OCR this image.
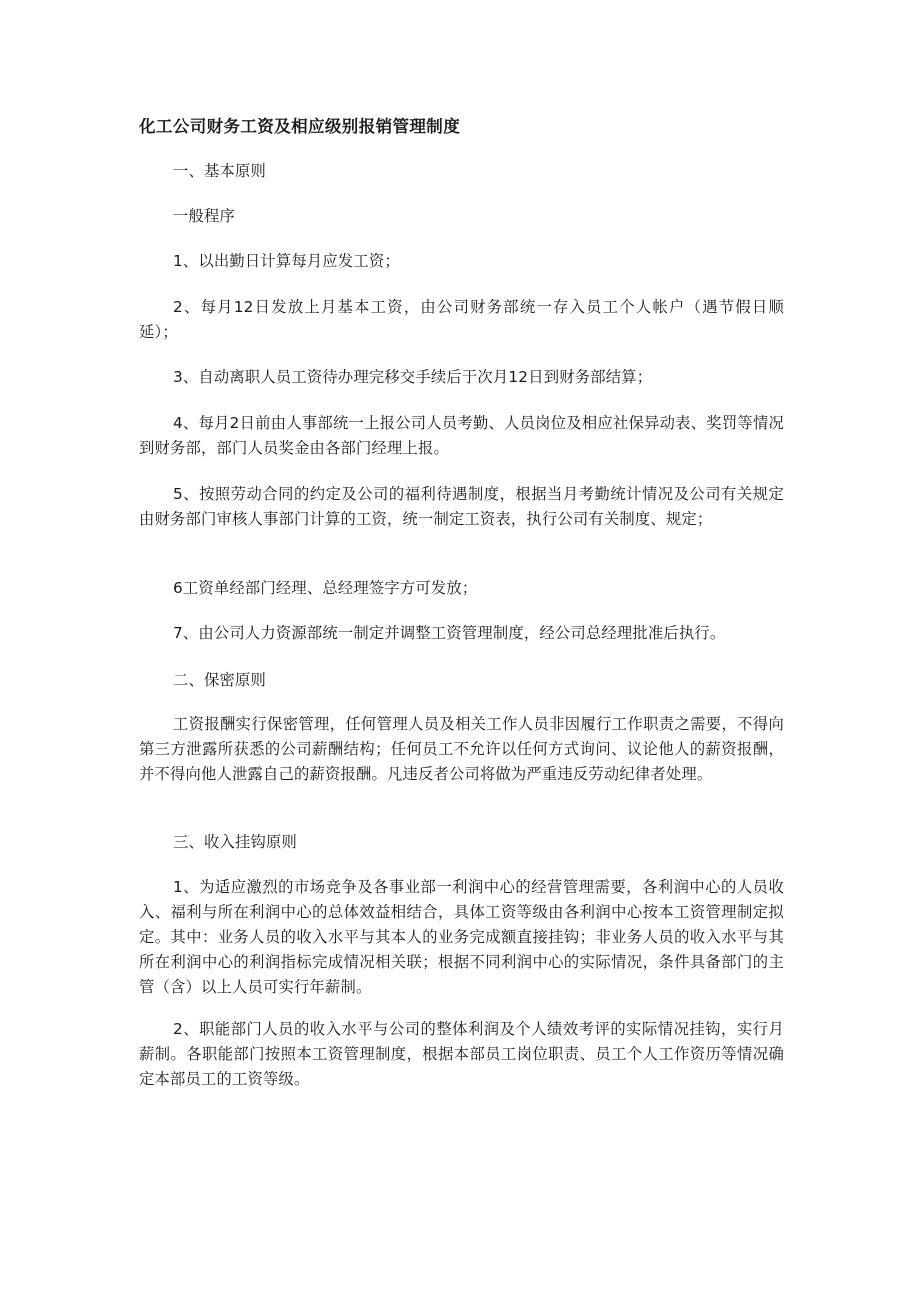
化工公司财务工资及相应级别报销管理制度

一、基本原则

一般程序

1、以出勤日计算每月应发工资；

2、每月12日发放上月基本工资，由公司财务部统一存入员工个人帐户（遇节假日顺延）；

3、自动离职人员工资待办理完移交手续后于次月12日到财务部结算；

4、每月2日前由人事部统一上报公司人员考勤、人员岗位及相应社保异动表、奖罚等情况到财务部，部门人员奖金由各部门经理上报。

5、按照劳动合同的约定及公司的福利待遇制度，根据当月考勤统计情况及公司有关规定由财务部门审核人事部门计算的工资，统一制定工资表，执行公司有关制度、规定；

6工资单经部门经理、总经理签字方可发放；

7、由公司人力资源部统一制定并调整工资管理制度，经公司总经理批准后执行。

二、保密原则

工资报酬实行保密管理，任何管理人员及相关工作人员非因履行工作职责之需要，不得向第三方泄露所获悉的公司薪酬结构；任何员工不允许以任何方式询问、议论他人的薪资报酬，并不得向他人泄露自己的薪资报酬。凡违反者公司将做为严重违反劳动纪律者处理。

三、收入挂钩原则

1、为适应激烈的市场竞争及各事业部一利润中心的经营管理需要，各利润中心的人员收入、福利与所在利润中心的总体效益相结合，具体工资等级由各利润中心按本工资管理制定拟定。其中：业务人员的收入水平与其本人的业务完成额直接挂钩；非业务人员的收入水平与其所在利润中心的利润指标完成情况相关联；根据不同利润中心的实际情况，条件具备部门的主管（含）以上人员可实行年薪制。

2、职能部门人员的收入水平与公司的整体利润及个人绩效考评的实际情况挂钩，实行月薪制。各职能部门按照本工资管理制度，根据本部员工岗位职责、员工个人工作资历等情况确定本部员工的工资等级。
